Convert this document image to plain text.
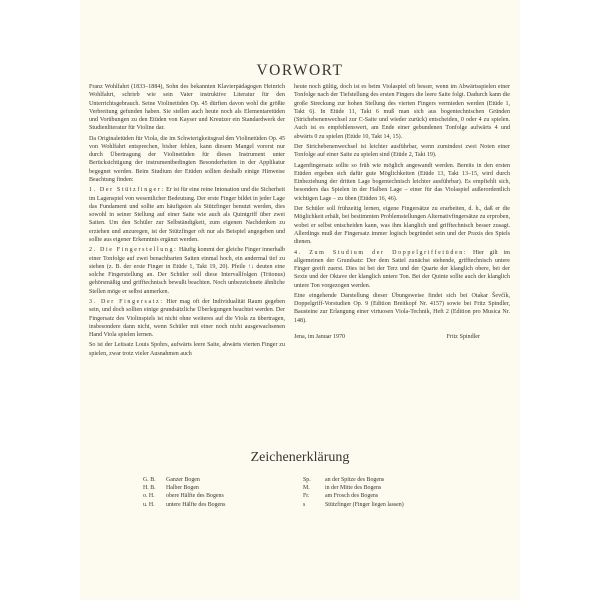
VORWORT

Franz Wohlfahrt (1833–1884), Sohn des bekannten Klavierpädagogen Heinrich Wohlfahrt, schrieb wie sein Vater instruktive Literatur für den Unterrichtsgebrauch. Seine Violinetüden Op. 45 dürften davon wohl die größte Verbreitung gefunden haben. Sie stellen auch heute noch als Elementaretüden und Vorübungen zu den Etüden von Kayser und Kreutzer ein Standardwerk der Studienliteratur für Violine dar.

Da Originaletüden für Viola, die im Schwierigkeitsgrad den Violinetüden Op. 45 von Wohlfahrt entsprechen, bisher fehlen, kann diesem Mangel vorerst nur durch Übertragung der Violinetüden für dieses Instrument unter Berücksichtigung der instrumentbedingten Besonderheiten in der Applikatur begegnet werden. Beim Studium der Etüden sollten deshalb einige Hinweise Beachtung finden:

1. Der Stützfinger: Er ist für eine reine Intonation und die Sicherheit im Lagenspiel von wesentlicher Bedeutung. Der erste Finger bildet in jeder Lage das Fundament und sollte am häufigsten als Stützfinger benutzt werden, dies sowohl in seiner Stellung auf einer Saite wie auch als Quintgriff über zwei Saiten. Um den Schüler zur Selbständigkeit, zum eigenen Nachdenken zu erziehen und anzuregen, ist der Stützfinger oft nur als Beispiel angegeben und sollte aus eigener Erkenntnis ergänzt werden.

2. Die Fingerstellung: Häufig kommt der gleiche Finger innerhalb einer Tonfolge auf zwei benachbarten Saiten einmal hoch, ein andermal tief zu stehen (z. B. der erste Finger in Etüde 1, Takt 19, 20). Pfeile ↑↓ deuten eine solche Fingerstellung an. Der Schüler soll diese Intervallfolgen (Tritonus) gehörsmäßig und grifftechnisch bewußt beachten. Noch unbezeichnete ähnliche Stellen möge er selbst anmerken.

3. Der Fingersatz: Hier mag oft der Individualität Raum gegeben sein, und doch sollten einige grundsätzliche Überlegungen beachtet werden. Der Fingersatz des Violinspiels ist nicht ohne weiteres auf die Viola zu übertragen, insbesondere dann nicht, wenn Schüler mit einer noch nicht ausgewachsenen Hand Viola spielen lernen.

So ist der Leitsatz Louis Spohrs, aufwärts leere Saite, abwärts vierten Finger zu spielen, zwar trotz vieler Ausnahmen auch

heute noch gültig, doch ist es beim Violaspiel oft besser, wenn im Abwärtsspielen einer Tonfolge nach der Tiefstellung des ersten Fingers die leere Saite folgt. Dadurch kann die große Streckung zur hohen Stellung des vierten Fingers vermieden werden (Etüde 1, Takt 6). In Etüde 11, Takt 6 muß man sich aus bogentechnischen Gründen (Strichebenenwechsel zur C-Saite und wieder zurück) entscheiden, 0 oder 4 zu spielen. Auch ist es empfehlenswert, am Ende einer gebundenen Tonfolge aufwärts 4 und abwärts 0 zu spielen (Etüde 10, Takt 14, 15).

Der Strichebenenwechsel ist leichter ausführbar, wenn zumindest zwei Noten einer Tonfolge auf einer Saite zu spielen sind (Etüde 2, Takt 19).

Lagenfingersatz sollte so früh wie möglich angewandt werden. Bereits in den ersten Etüden ergeben sich dafür gute Möglichkeiten (Etüde 13, Takt 13–15, wird durch Einbeziehung der dritten Lage bogentechnisch leichter ausführbar). Es empfiehlt sich, besonders das Spielen in der Halben Lage – einer für das Violaspiel außerordentlich wichtigen Lage – zu üben (Etüden 16, 46).

Der Schüler soll frühzeitig lernen, eigene Fingersätze zu erarbeiten, d. h., daß er die Möglichkeit erhält, bei bestimmten Problemstellungen Alternativfingersätze zu erproben, wobei er selbst entscheiden kann, was ihm klanglich und grifftechnisch besser zusagt. Allerdings muß der Fingersatz immer logisch begründet sein und der Praxis des Spiels dienen.

4. Zum Studium der Doppelgriffetüden: Hier gilt im allgemeinen der Grundsatz: Der dem Sattel zunächst stehende, grifftechnisch untere Finger greift zuerst. Dies ist bei der Terz und der Quarte der klanglich obere, bei der Sexte und der Oktave der klanglich untere Ton. Bei der Quinte sollte auch der klanglich untere Ton vorgezogen werden.

Eine eingehende Darstellung dieser Übungsweise findet sich bei Otakar Ševčík, Doppelgriff-Vorstudien Op. 9 (Edition Breitkopf Nr. 4157) sowie bei Fritz Spindler, Bausteine zur Erlangung einer virtuosen Viola-Technik, Heft 2 (Edition pro Musica Nr. 148).

Jena, im Januar 1970	Fritz Spindler
Zeichenerklärung
G. B.	Ganzer Bogen
H. B.	Halber Bogen
o. H.	obere Hälfte des Bogens
u. H.	untere Hälfte des Bogens
Sp.	an der Spitze des Bogens
M.	in der Mitte des Bogens
Fr.	am Frosch des Bogens
s	Stützfinger (Finger liegen lassen)
